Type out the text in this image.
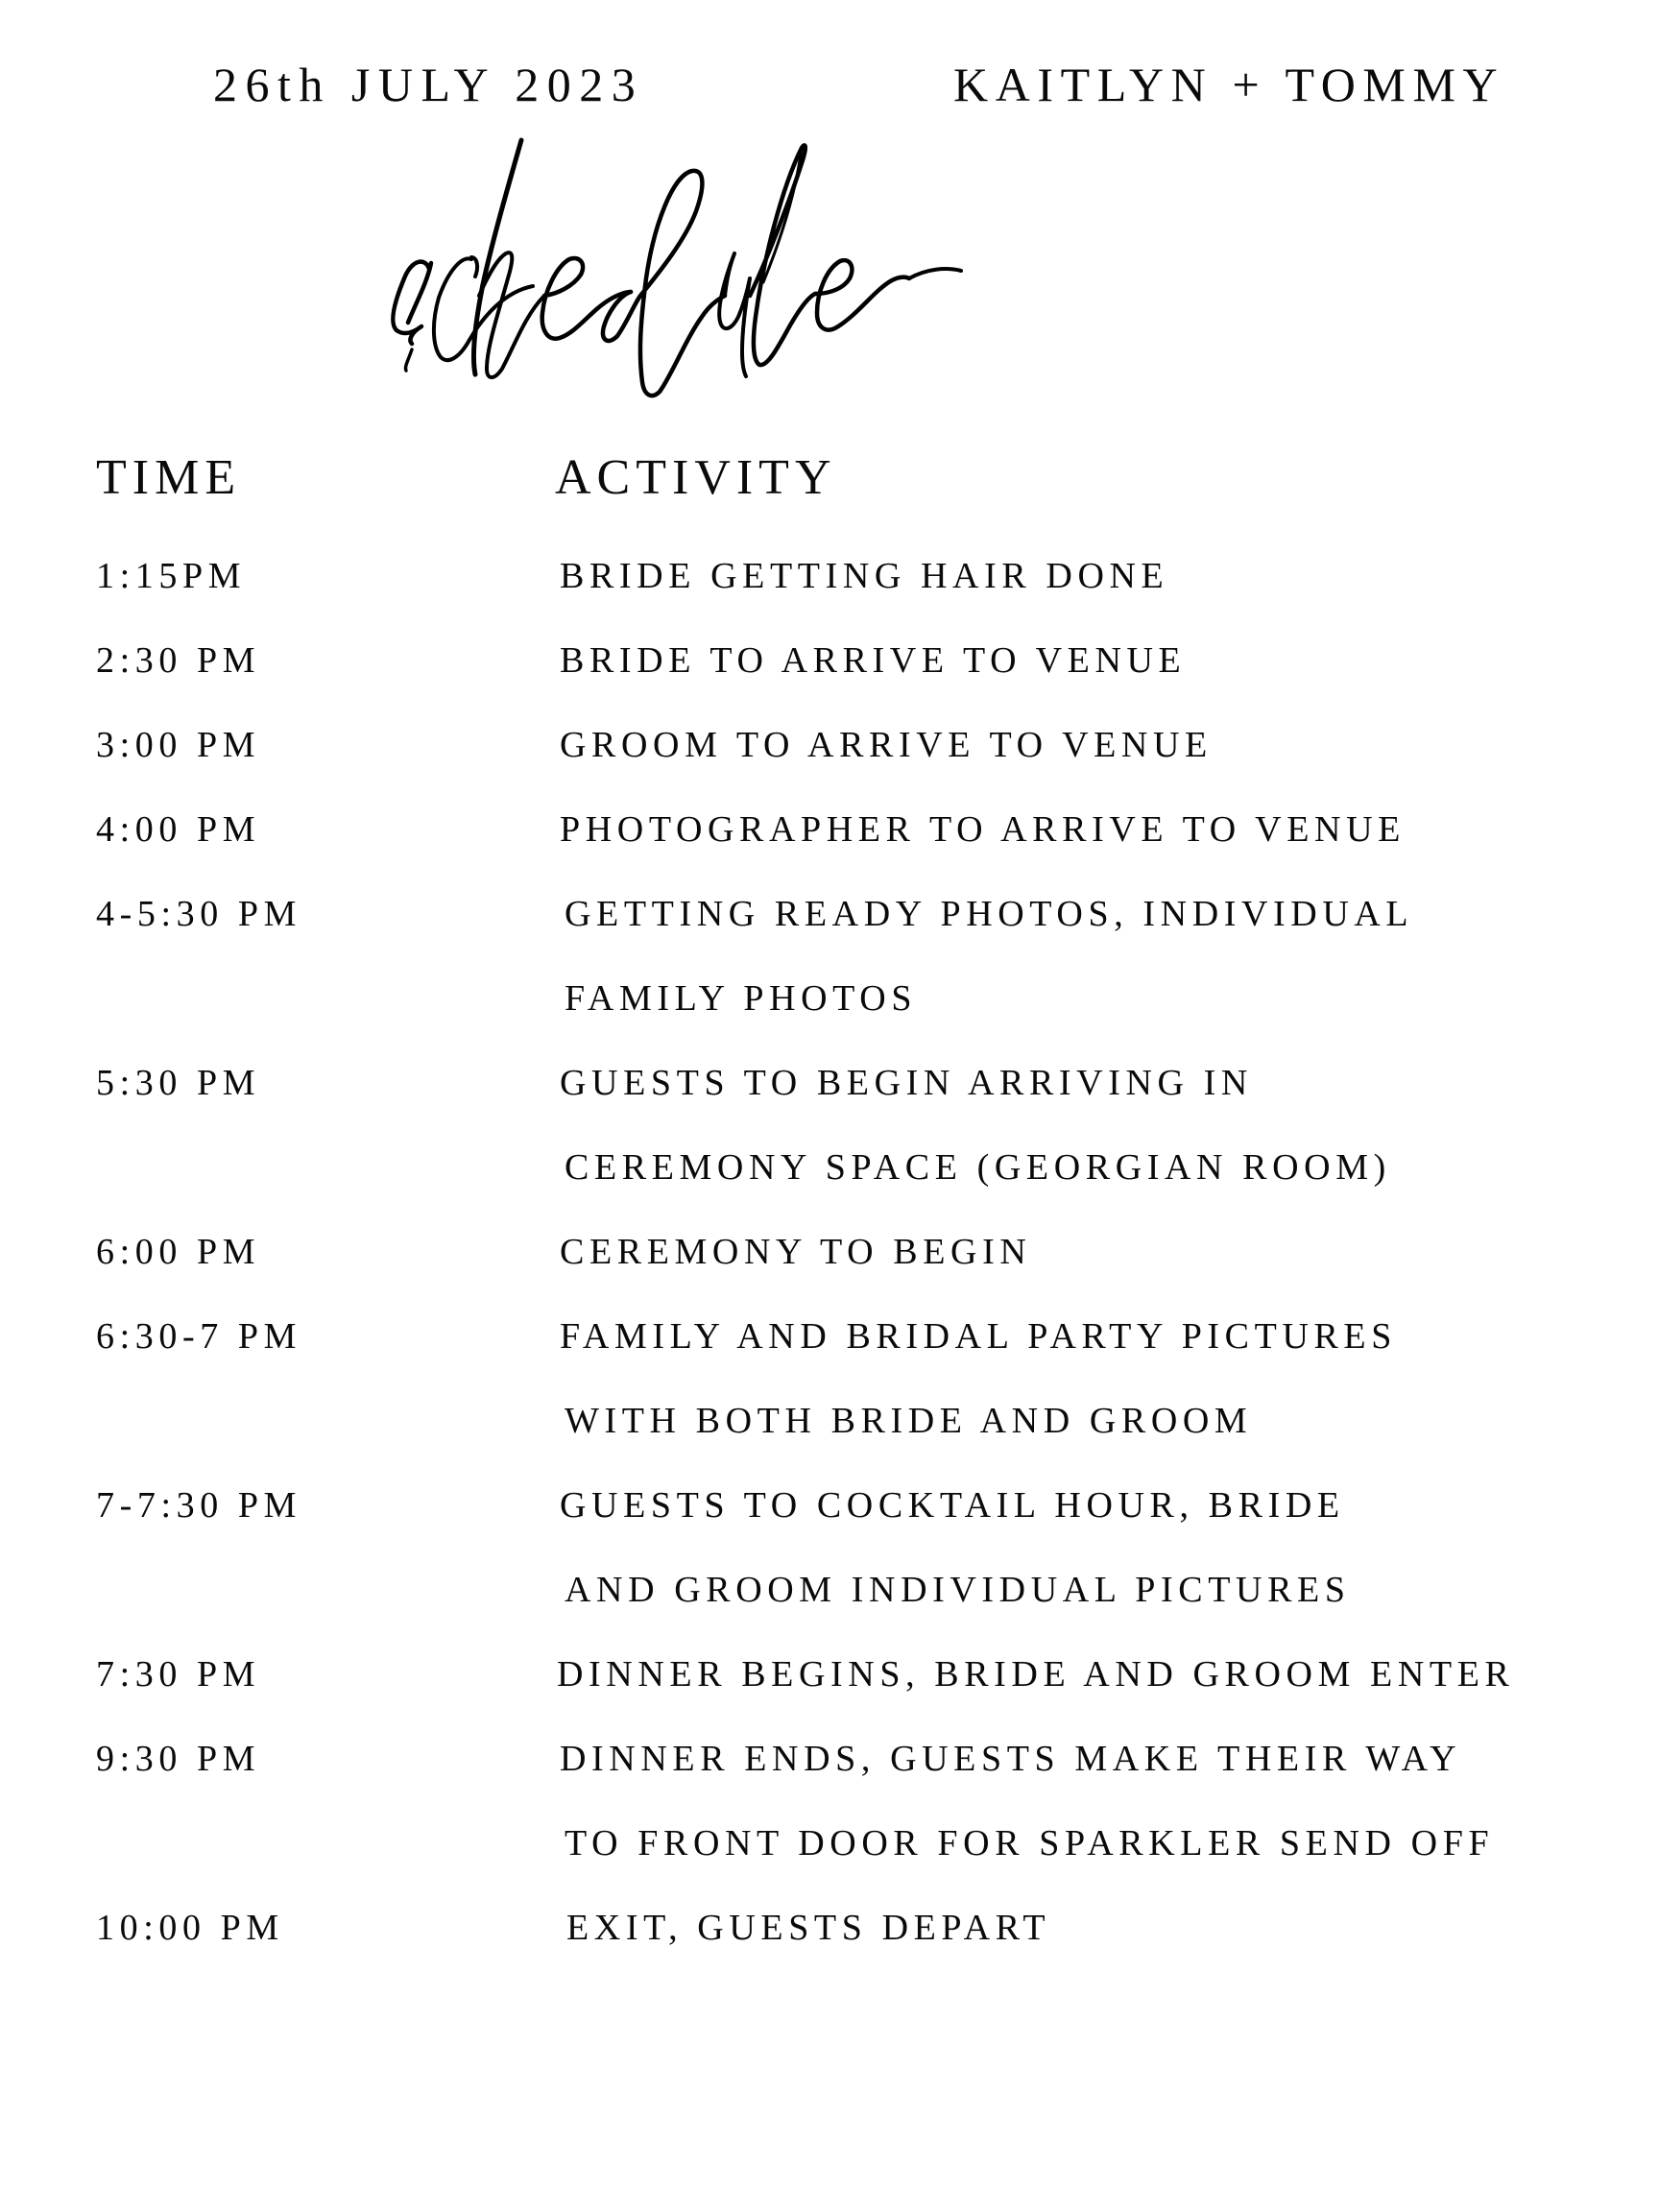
26th JULY 2023	KAITLYN + TOMMY
TIME	ACTIVITY
1:15PM	BRIDE GETTING HAIR DONE
2:30 PM	BRIDE TO ARRIVE TO VENUE
3:00 PM	GROOM TO ARRIVE TO VENUE
4:00 PM	PHOTOGRAPHER TO ARRIVE TO VENUE
4-5:30 PM	GETTING READY PHOTOS, INDIVIDUAL
FAMILY PHOTOS
5:30 PM	GUESTS TO BEGIN ARRIVING IN
CEREMONY SPACE (GEORGIAN ROOM)
6:00 PM	CEREMONY TO BEGIN
6:30-7 PM	FAMILY AND BRIDAL PARTY PICTURES
WITH BOTH BRIDE AND GROOM
7-7:30 PM	GUESTS TO COCKTAIL HOUR, BRIDE
AND GROOM INDIVIDUAL PICTURES
7:30 PM	DINNER BEGINS, BRIDE AND GROOM ENTER
9:30 PM	DINNER ENDS, GUESTS MAKE THEIR WAY
TO FRONT DOOR FOR SPARKLER SEND OFF
10:00 PM	EXIT, GUESTS DEPART
